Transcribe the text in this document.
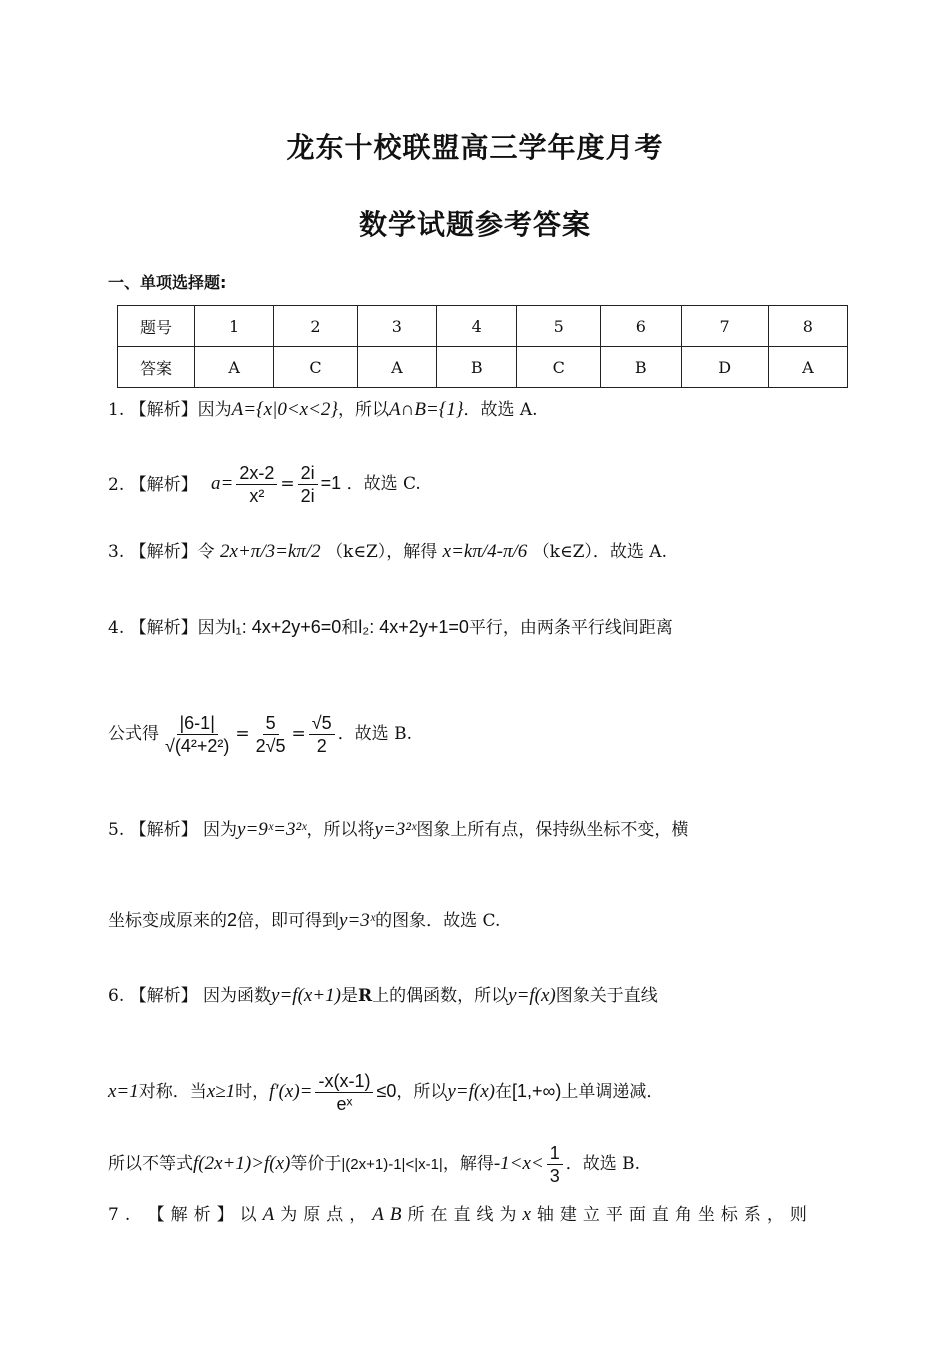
龙东十校联盟高三学年度月考
数学试题参考答案
一、单项选择题:
题号	1	2	3	4	5	6	7	8
答案	A	C	A	B	C	B	D	A
1. 【解析】因为A={x|0<x<2}，所以A∩B={1}．故选 A.
2. 【解析】 $a= \frac{2x-2}{\text{x²}} = \frac{2i}{2i} =1$ ．故选 C.
3. 【解析】令 2x+π/3=kπ/2 （k∈Z），解得 x=kπ/4-π/6 （k∈Z）．故选 A.
4. 【解析】因为l₁: 4x+2y+6=0和l₂: 4x+2y+1=0平行，由两条平行线间距离
公式得 $\frac{|6-1|}{\text{√(4²+2²)}} = \frac{5}{2√5} = \frac{√5}{2}$ ．故选 B.
5. 【解析】 因为y=9ˣ=3²ˣ，所以将y=3²ˣ图象上所有点，保持纵坐标不变，横
坐标变成原来的2倍，即可得到y=3ˣ的图象．故选 C.
6. 【解析】 因为函数y=f(x+1)是R上的偶函数，所以y=f(x)图象关于直线
x=1对称．当x≥1时，$f'(x)= \frac{-x(x-1)}{\text{eˣ}} \le 0$，所以y=f(x)在[1,+∞)上单调递减．
所以不等式f(2x+1)>f(x)等价于|(2x+1)-1|<|x-1|，解得$-1<x< \frac{1}{3}$ ．故选 B.
7. 【解析】以A为原点，AB所在直线为x轴建立平面直角坐标系，则
